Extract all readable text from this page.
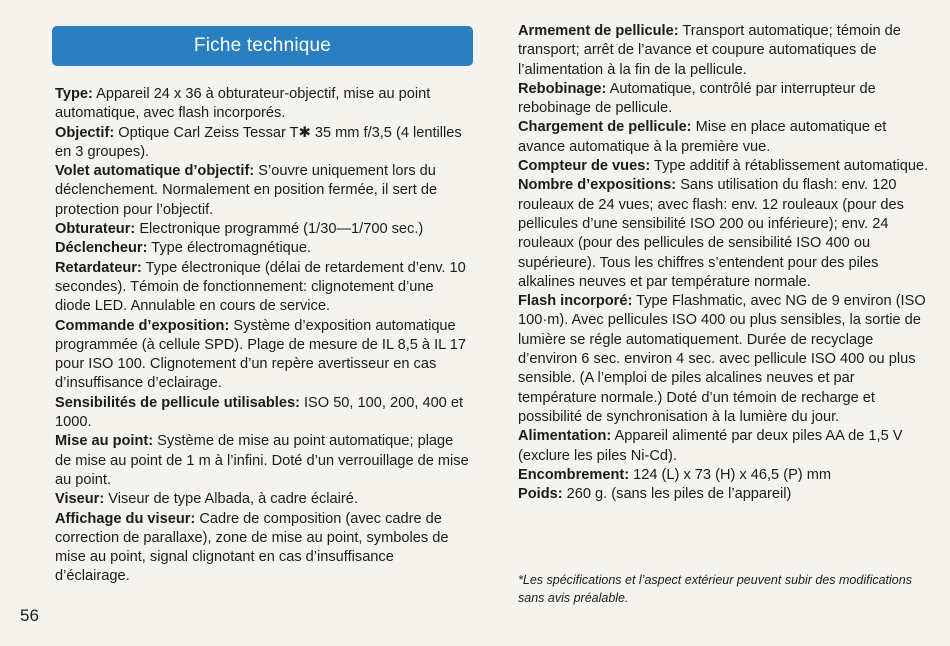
Fiche technique

Type: Appareil 24 x 36 à obturateur-objectif, mise au point automatique, avec flash incorporés.

Objectif: Optique Carl Zeiss Tessar T✱ 35 mm f/3,5 (4 lentilles en 3 groupes).

Volet automatique d’objectif: S’ouvre uniquement lors du déclenchement. Normalement en position fermée, il sert de protection pour l’objectif.

Obturateur: Electronique programmé (1/30—1/700 sec.)

Déclencheur: Type électromagnétique.

Retardateur: Type électronique (délai de retardement d’env. 10 secondes). Témoin de fonctionnement: clignotement d’une diode LED. Annulable en cours de service.

Commande d’exposition: Système d’exposition automatique programmée (à cellule SPD). Plage de mesure de IL 8,5 à IL 17 pour ISO 100. Clignotement d’un repère avertisseur en cas d’insuffisance d’eclairage.

Sensibilités de pellicule utilisables: ISO 50, 100, 200, 400 et 1000.

Mise au point: Système de mise au point automatique; plage de mise au point de 1 m à l’infini. Doté d’un verrouillage de mise au point.

Viseur: Viseur de type Albada, à cadre éclairé.

Affichage du viseur: Cadre de composition (avec cadre de correction de parallaxe), zone de mise au point, symboles de mise au point, signal clignotant en cas d’insuffisance d’éclairage.

Armement de pellicule: Transport automatique; témoin de transport; arrêt de l’avance et coupure automatiques de l’alimentation à la fin de la pellicule.

Rebobinage: Automatique, contrôlé par interrupteur de rebobinage de pellicule.

Chargement de pellicule: Mise en place automatique et avance automatique à la première vue.

Compteur de vues: Type additif à rétablissement automatique.

Nombre d’expositions: Sans utilisation du flash: env. 120 rouleaux de 24 vues; avec flash: env. 12 rouleaux (pour des pellicules d’une sensibilité ISO 200 ou inférieure); env. 24 rouleaux (pour des pellicules de sensibilité ISO 400 ou supérieure). Tous les chiffres s’entendent pour des piles alkalines neuves et par température normale.

Flash incorporé: Type Flashmatic, avec NG de 9 environ (ISO 100·m). Avec pellicules ISO 400 ou plus sensibles, la sortie de lumière se régle automatiquement. Durée de recyclage d’environ 6 sec. environ 4 sec. avec pellicule ISO 400 ou plus sensible. (A l’emploi de piles alcalines neuves et par température normale.) Doté d’un témoin de recharge et possibilité de synchronisation à la lumière du jour.

Alimentation: Appareil alimenté par deux piles AA de 1,5 V (exclure les piles Ni-Cd).

Encombrement: 124 (L) x 73 (H) x 46,5 (P) mm

Poids: 260 g. (sans les piles de l’appareil)

*Les spécifications et l’aspect extérieur peuvent subir des modifications sans avis préalable.
56
